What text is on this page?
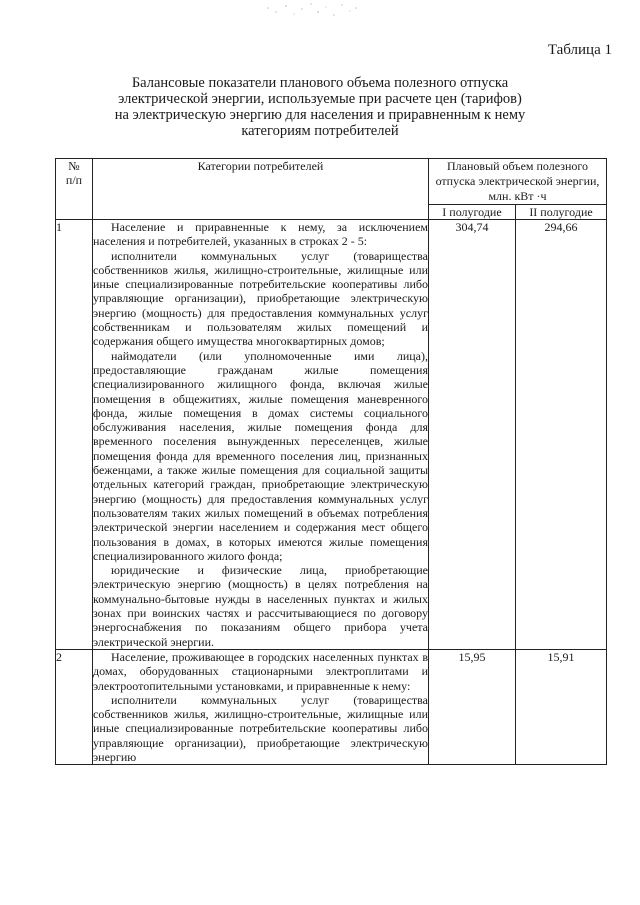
Таблица 1
Балансовые показатели планового объема полезного отпуска
электрической энергии, используемые при расчете цен (тарифов)
на электрическую энергию для населения и приравненным к нему
категориям потребителей
№
п/п	Категории потребителей	Плановый объем полезного отпуска электрической энергии, млн. кВт ·ч	
		I полугодие	II полугодие
1	Население и приравненные к нему, за исключением населения и потребителей, указанных в строках 2 - 5:

исполнители коммунальных услуг (товарищества собственников жилья, жилищно-строительные, жилищные или иные специализированные потребительские кооперативы либо управляющие организации), приобретающие электрическую энергию (мощность) для предоставления коммунальных услуг собственникам и пользователям жилых помещений и содержания общего имущества многоквартирных домов;

наймодатели (или уполномоченные ими лица), предоставляющие гражданам жилые помещения специализированного жилищного фонда, включая жилые помещения в общежитиях, жилые помещения маневренного фонда, жилые помещения в домах системы социального обслуживания населения, жилые помещения фонда для временного поселения вынужденных переселенцев, жилые помещения фонда для временного поселения лиц, признанных беженцами, а также жилые помещения для социальной защиты отдельных категорий граждан, приобретающие электрическую энергию (мощность) для предоставления коммунальных услуг пользователям таких жилых помещений в объемах потребления электрической энергии населением и содержания мест общего пользования в домах, в которых имеются жилые помещения специализированного жилого фонда;

юридические и физические лица, приобретающие электрическую энергию (мощность) в целях потребления на коммунально-бытовые нужды в населенных пунктах и жилых зонах при воинских частях и рассчитывающиеся по договору энергоснабжения по показаниям общего прибора учета электрической энергии.	304,74	294,66
2	Население, проживающее в городских населенных пунктах в домах, оборудованных стационарными электроплитами и электроотопительными установками, и приравненные к нему:

исполнители коммунальных услуг (товарищества собственников жилья, жилищно-строительные, жилищные или иные специализированные потребительские кооперативы либо управляющие организации), приобретающие электрическую энергию	15,95	15,91
